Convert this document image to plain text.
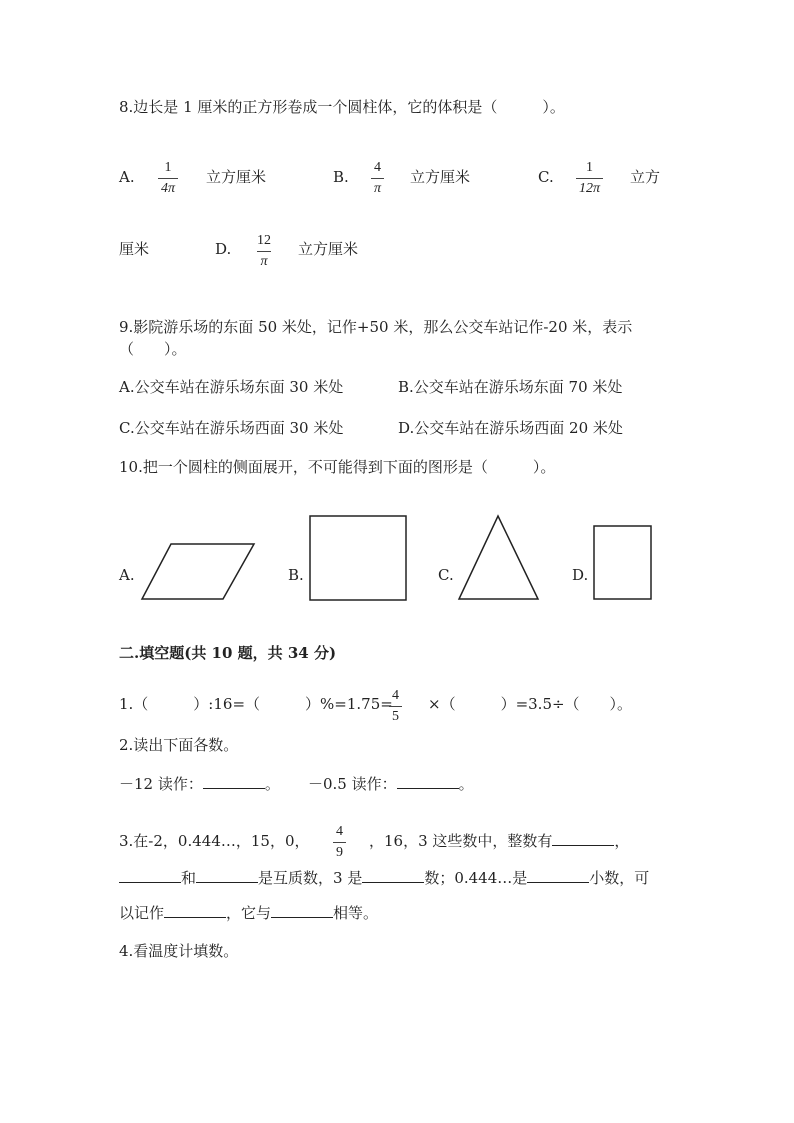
8.边长是 1 厘米的正方形卷成一个圆柱体，它的体积是（　　　）。
A. $\frac{1}{4\pi}$ 立方厘米	B. $\frac{4}{\pi}$ 立方厘米	C. $\frac{1}{12\pi}$ 立方
厘米	D. $\frac{12}{\pi}$ 立方厘米
9.影院游乐场的东面 50 米处，记作+50 米，那么公交车站记作-20 米，表示
（　　）。
A.公交车站在游乐场东面 30 米处	B.公交车站在游乐场东面 70 米处
C.公交车站在游乐场西面 30 米处	D.公交车站在游乐场西面 20 米处
10.把一个圆柱的侧面展开，不可能得到下面的图形是（　　　）。
A.	B.	C.	D.
二.填空题(共 10 题，共 34 分)
1.（　　　）:16=（　　　）%=1.75=
$\frac{4}{5}$ ×（　　　）=3.5÷（　　）。
2.读出下面各数。
－12 读作：	。 －0.5 读作：	。
3.在-2，0.444…，15，0， $\frac{4}{9}$ ，16，3 这些数中，整数有	，
和	是互质数，3 是	数；0.444…是	小数，可
以记作	，它与	相等。
4.看温度计填数。
